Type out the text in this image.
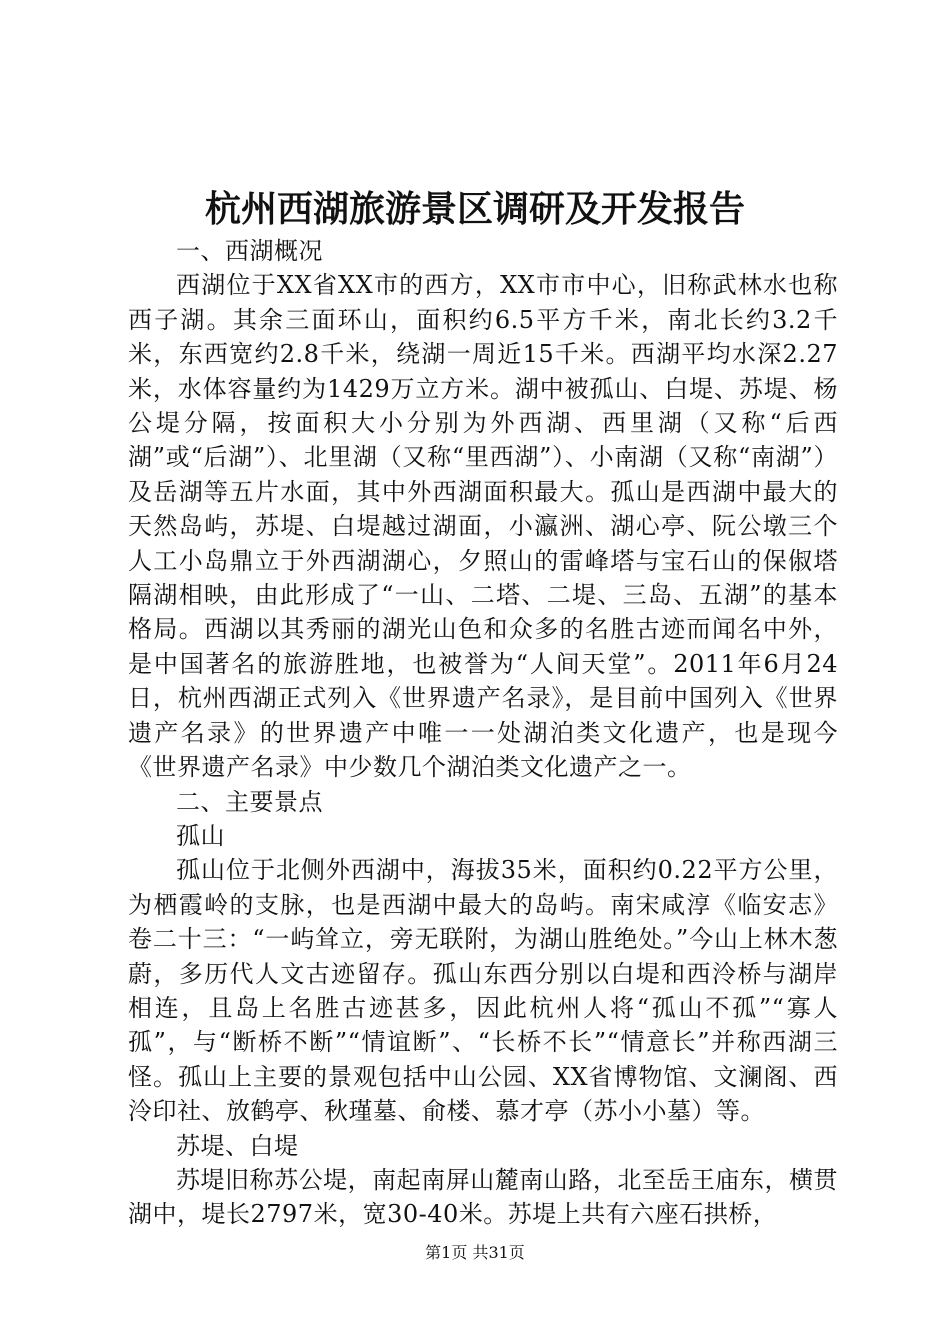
杭州西湖旅游景区调研及开发报告

一、西湖概况

西湖位于XX省XX市的西方，XX市市中心，旧称武林水也称西子湖。其余三面环山，面积约6.5平方千米，南北长约3.2千米，东西宽约2.8千米，绕湖一周近15千米。西湖平均水深2.27米，水体容量约为1429万立方米。湖中被孤山、白堤、苏堤、杨公堤分隔，按面积大小分别为外西湖、西里湖（又称“后西湖”或“后湖”）、北里湖（又称“里西湖”）、小南湖（又称“南湖”）及岳湖等五片水面，其中外西湖面积最大。孤山是西湖中最大的天然岛屿，苏堤、白堤越过湖面，小瀛洲、湖心亭、阮公墩三个人工小岛鼎立于外西湖湖心，夕照山的雷峰塔与宝石山的保俶塔隔湖相映，由此形成了“一山、二塔、二堤、三岛、五湖”的基本格局。西湖以其秀丽的湖光山色和众多的名胜古迹而闻名中外，是中国著名的旅游胜地，也被誉为“人间天堂”。2011年6月24日，杭州西湖正式列入《世界遗产名录》，是目前中国列入《世界遗产名录》的世界遗产中唯一一处湖泊类文化遗产，也是现今《世界遗产名录》中少数几个湖泊类文化遗产之一。

二、主要景点

孤山

孤山位于北侧外西湖中，海拔35米，面积约0.22平方公里，为栖霞岭的支脉，也是西湖中最大的岛屿。南宋咸淳《临安志》卷二十三：“一屿耸立，旁无联附，为湖山胜绝处。”今山上林木葱蔚，多历代人文古迹留存。孤山东西分别以白堤和西泠桥与湖岸相连，且岛上名胜古迹甚多，因此杭州人将“孤山不孤”“寡人孤”，与“断桥不断”“情谊断”、“长桥不长”“情意长”并称西湖三怪。孤山上主要的景观包括中山公园、XX省博物馆、文澜阁、西泠印社、放鹤亭、秋瑾墓、俞楼、慕才亭（苏小小墓）等。

苏堤、白堤

苏堤旧称苏公堤，南起南屏山麓南山路，北至岳王庙东，横贯湖中，堤长2797米，宽30-40米。苏堤上共有六座石拱桥，

第1页 共31页
